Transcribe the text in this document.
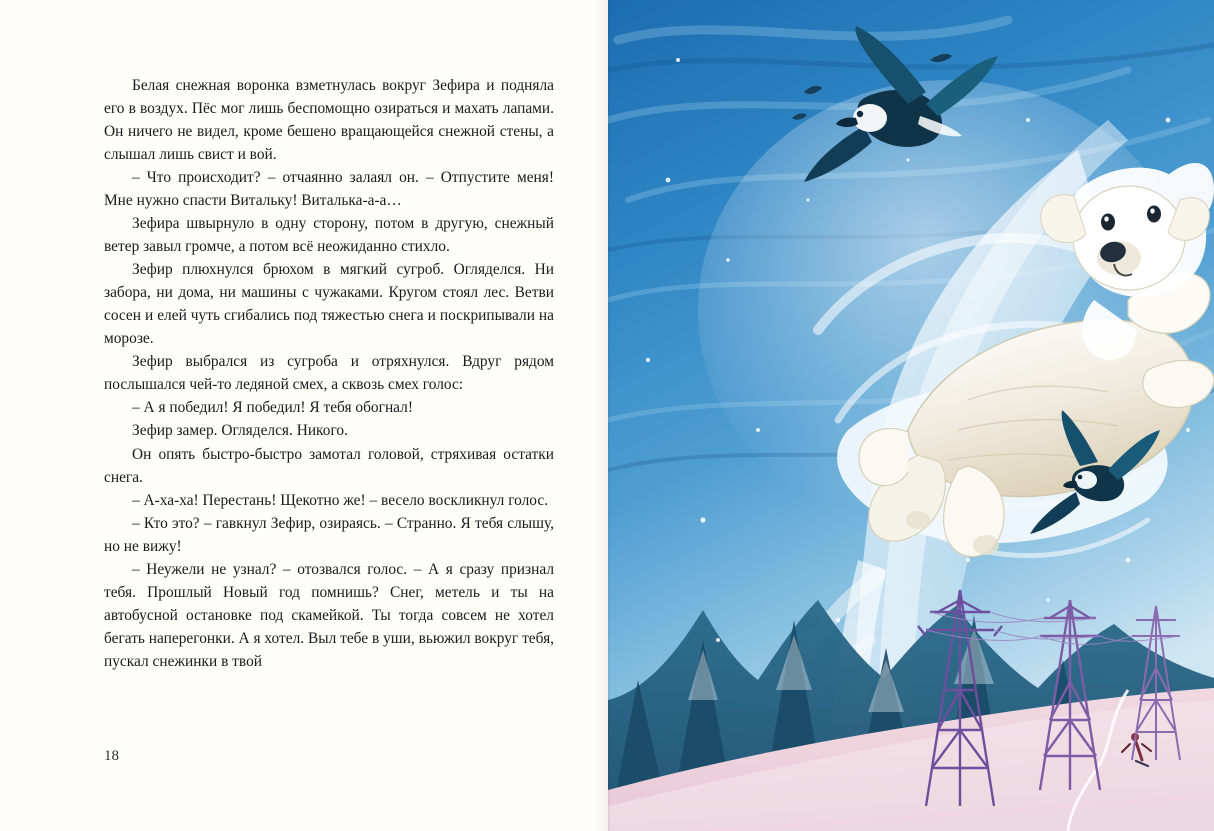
Белая снежная воронка взметнулась вокруг Зефира и подняла его в воздух. Пёс мог лишь беспомощно озираться и махать лапами. Он ничего не видел, кроме бешено вращающейся снежной стены, а слышал лишь свист и вой.

– Что происходит? – отчаянно залаял он. – Отпустите меня! Мне нужно спасти Витальку! Виталька-а-а…

Зефира швырнуло в одну сторону, потом в другую, снежный ветер завыл громче, а потом всё неожиданно стихло.

Зефир плюхнулся брюхом в мягкий сугроб. Огляделся. Ни забора, ни дома, ни машины с чужаками. Кругом стоял лес. Ветви сосен и елей чуть сгибались под тяжестью снега и поскрипывали на морозе.

Зефир выбрался из сугроба и отряхнулся. Вдруг рядом послышался чей-то ледяной смех, а сквозь смех голос:

– А я победил! Я победил! Я тебя обогнал!

Зефир замер. Огляделся. Никого.

Он опять быстро-быстро замотал головой, стряхивая остатки снега.

– А-ха-ха! Перестань! Щекотно же! – весело воскликнул голос.

– Кто это? – гавкнул Зефир, озираясь. – Странно. Я тебя слышу, но не вижу!

– Неужели не узнал? – отозвался голос. – А я сразу признал тебя. Прошлый Новый год помнишь? Снег, метель и ты на автобусной остановке под скамейкой. Ты тогда совсем не хотел бегать наперегонки. А я хотел. Выл тебе в уши, вьюжил вокруг тебя, пускал снежинки в твой

18
